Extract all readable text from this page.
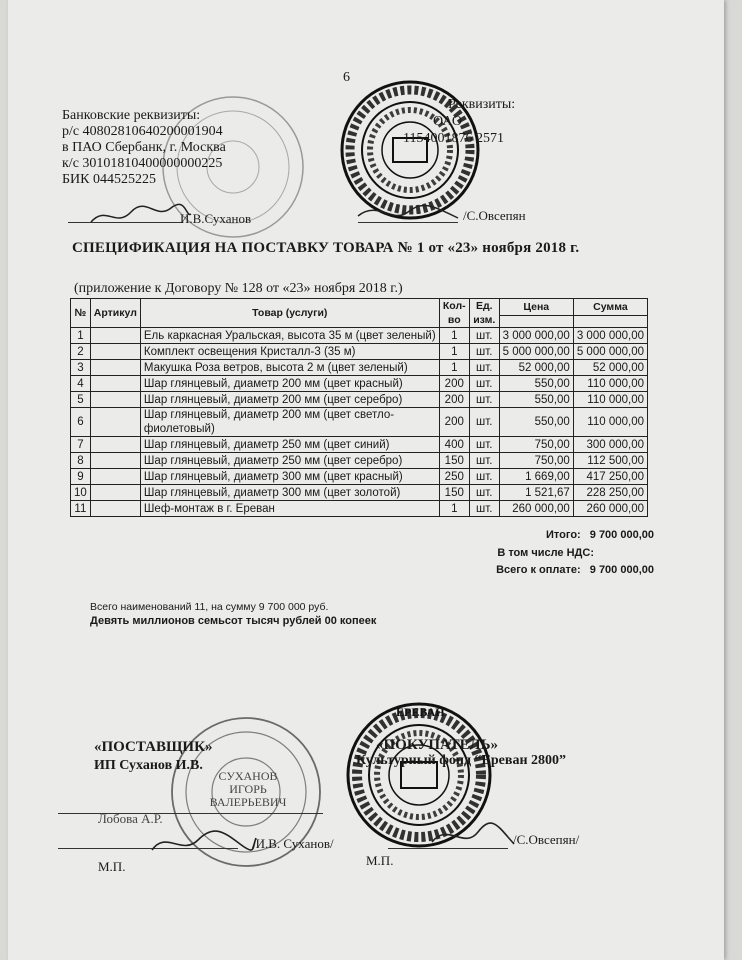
6
Банковские реквизиты:
р/с 40802810640200001904
в ПАО Сбербанк, г. Москва
к/с 30101810400000000225
БИК 044525225
Реквизиты:
ОАО
1154001876 2571
И.В.Суханов	/С.Овсепян
СПЕЦИФИКАЦИЯ НА ПОСТАВКУ ТОВАРА № 1 от «23» ноября 2018 г.
(приложение к Договору № 128 от «23» ноября 2018 г.)
№	Артикул	Товар (услуги)	Кол-во	Ед. изм.	Цена	Сумма

1		Ель каркасная Уральская, высота 35 м (цвет зеленый)	1	шт.	3 000 000,00	3 000 000,00
2		Комплект освещения Кристалл-3 (35 м)	1	шт.	5 000 000,00	5 000 000,00
3		Макушка Роза ветров, высота 2 м (цвет зеленый)	1	шт.	52 000,00	52 000,00
4		Шар глянцевый, диаметр 200 мм (цвет красный)	200	шт.	550,00	110 000,00
5		Шар глянцевый, диаметр 200 мм (цвет серебро)	200	шт.	550,00	110 000,00
6		Шар глянцевый, диаметр 200 мм (цвет светло-фиолетовый)	200	шт.	550,00	110 000,00
7		Шар глянцевый, диаметр 250 мм (цвет синий)	400	шт.	750,00	300 000,00
8		Шар глянцевый, диаметр 250 мм (цвет серебро)	150	шт.	750,00	112 500,00
9		Шар глянцевый, диаметр 300 мм (цвет красный)	250	шт.	1 669,00	417 250,00
10		Шар глянцевый, диаметр 300 мм (цвет золотой)	150	шт.	1 521,67	228 250,00
11		Шеф-монтаж в г. Ереван	1	шт.	260 000,00	260 000,00
Итого: 9 700 000,00
В том числе НДС:
Всего к оплате: 9 700 000,00
Всего наименований 11, на сумму 9 700 000 руб.
Девять миллионов семьсот тысяч рублей 00 копеек
СУХАНОВ ИГОРЬ ВАЛЕРЬЕВИЧ
ЕРЕВАН
«ПОСТАВЩИК»
ИП Суханов И.В.
«ПОКУПАТЕЛЬ»
Культурный фонд “Ереван 2800”
Лобова А.Р.
/И.В. Суханов/
М.П.
/С.Овсепян/
М.П.
